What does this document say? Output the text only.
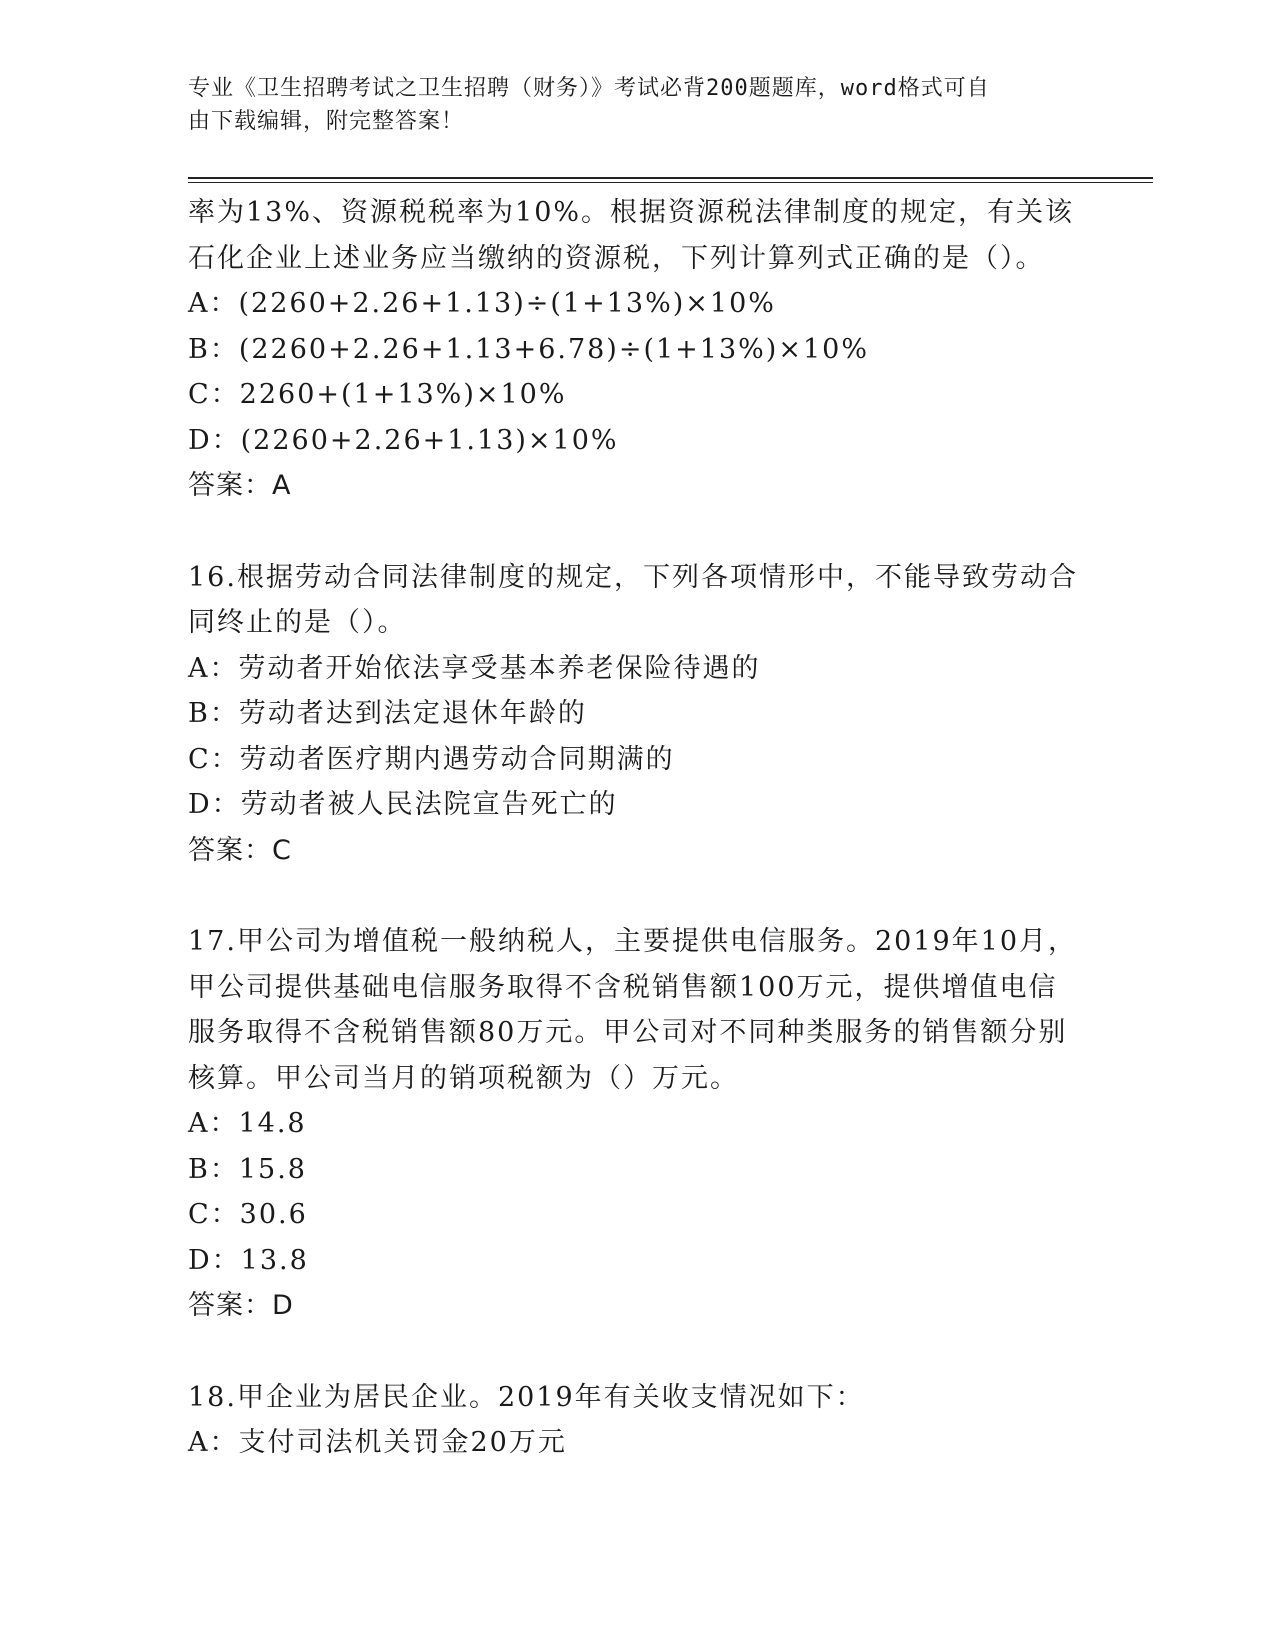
专业《卫生招聘考试之卫生招聘（财务）》考试必背200题题库，word格式可自
由下载编辑，附完整答案！
率为13%、资源税税率为10%。根据资源税法律制度的规定，有关该
石化企业上述业务应当缴纳的资源税，下列计算列式正确的是（）。
A：(2260+2.26+1.13)÷(1+13%)×10%
B：(2260+2.26+1.13+6.78)÷(1+13%)×10%
C：2260+(1+13%)×10%
D：(2260+2.26+1.13)×10%
答案：A
16.根据劳动合同法律制度的规定，下列各项情形中，不能导致劳动合
同终止的是（）。
A：劳动者开始依法享受基本养老保险待遇的
B：劳动者达到法定退休年龄的
C：劳动者医疗期内遇劳动合同期满的
D：劳动者被人民法院宣告死亡的
答案：C
17.甲公司为增值税一般纳税人，主要提供电信服务。2019年10月，
甲公司提供基础电信服务取得不含税销售额100万元，提供增值电信
服务取得不含税销售额80万元。甲公司对不同种类服务的销售额分别
核算。甲公司当月的销项税额为（）万元。
A：14.8
B：15.8
C：30.6
D：13.8
答案：D
18.甲企业为居民企业。2019年有关收支情况如下：
A：支付司法机关罚金20万元
